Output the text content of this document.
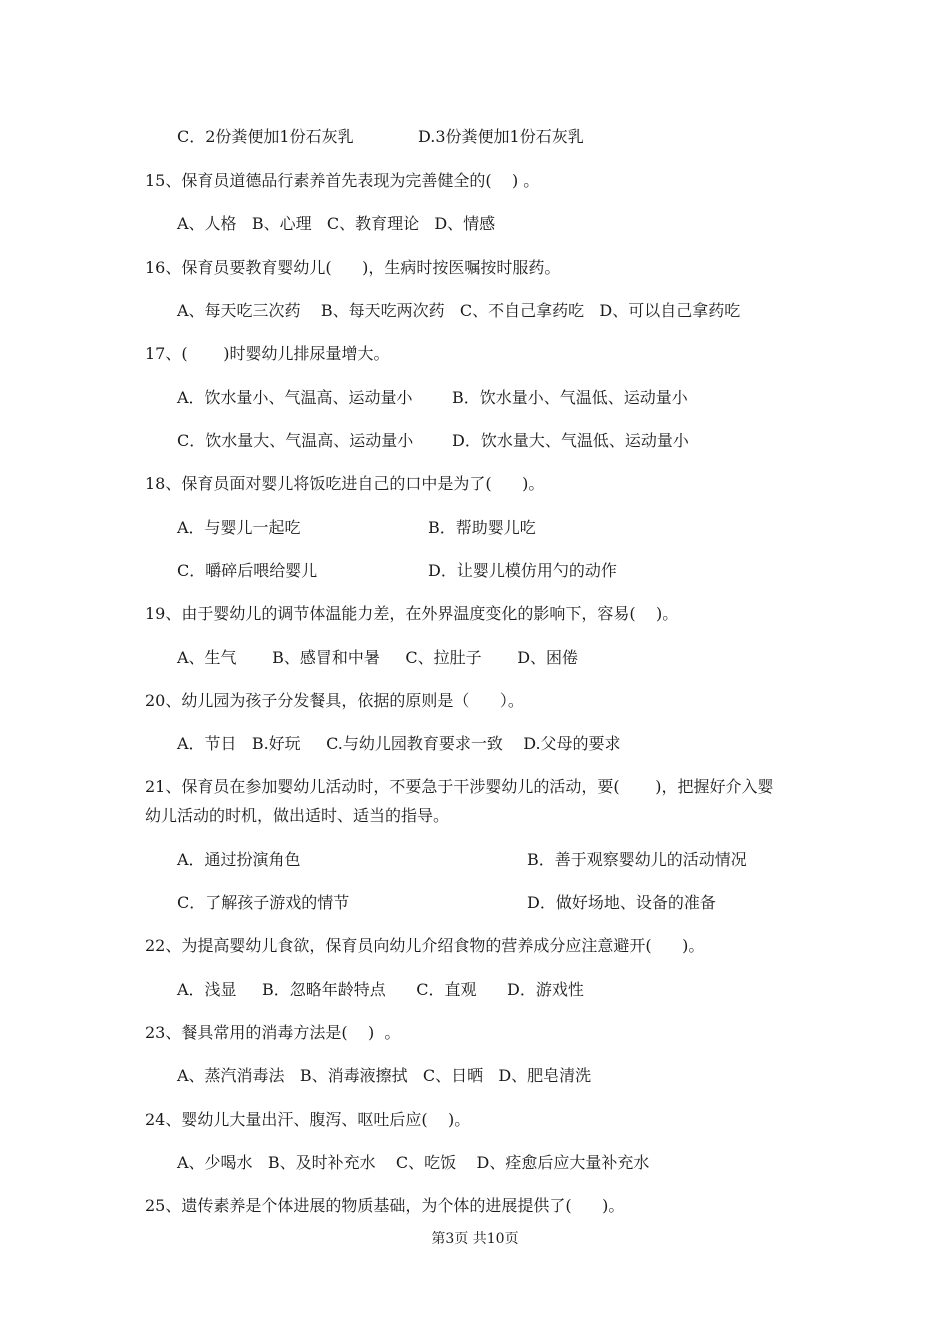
C．2份粪便加1份石灰乳	D.3份粪便加1份石灰乳
15、保育员道德品行素养首先表现为完善健全的(    ) 。
A、人格   B、心理   C、教育理论   D、情感
16、保育员要教育婴幼儿(      )，生病时按医嘱按时服药。
A、每天吃三次药    B、每天吃两次药   C、不自己拿药吃   D、可以自己拿药吃
17、(       )时婴幼儿排尿量增大。
A．饮水量小、气温高、运动量小 B．饮水量小、气温低、运动量小
C．饮水量大、气温高、运动量小 D．饮水量大、气温低、运动量小
18、保育员面对婴儿将饭吃进自己的口中是为了(      )。
A．与婴儿一起吃	B．帮助婴儿吃
C．嚼碎后喂给婴儿	D．让婴儿模仿用勺的动作
19、由于婴幼儿的调节体温能力差，在外界温度变化的影响下，容易(    )。
A、生气       B、感冒和中暑     C、拉肚子       D、困倦
20、幼儿园为孩子分发餐具，依据的原则是（      ）。
A．节日   B.好玩     C.与幼儿园教育要求一致    D.父母的要求
21、保育员在参加婴幼儿活动时，不要急于干涉婴幼儿的活动，要(       )，把握好介入婴
幼儿活动的时机，做出适时、适当的指导。
A．通过扮演角色	B．善于观察婴幼儿的活动情况
C．了解孩子游戏的情节	D．做好场地、设备的准备
22、为提高婴幼儿食欲，保育员向幼儿介绍食物的营养成分应注意避开(      )。
A．浅显     B．忽略年龄特点      C．直观      D．游戏性
23、餐具常用的消毒方法是(    )  。
A、蒸汽消毒法   B、消毒液擦拭   C、日晒   D、肥皂清洗
24、婴幼儿大量出汗、腹泻、呕吐后应(    )。
A、少喝水   B、及时补充水    C、吃饭    D、痊愈后应大量补充水
25、遗传素养是个体进展的物质基础，为个体的进展提供了(      )。
第3页 共10页
